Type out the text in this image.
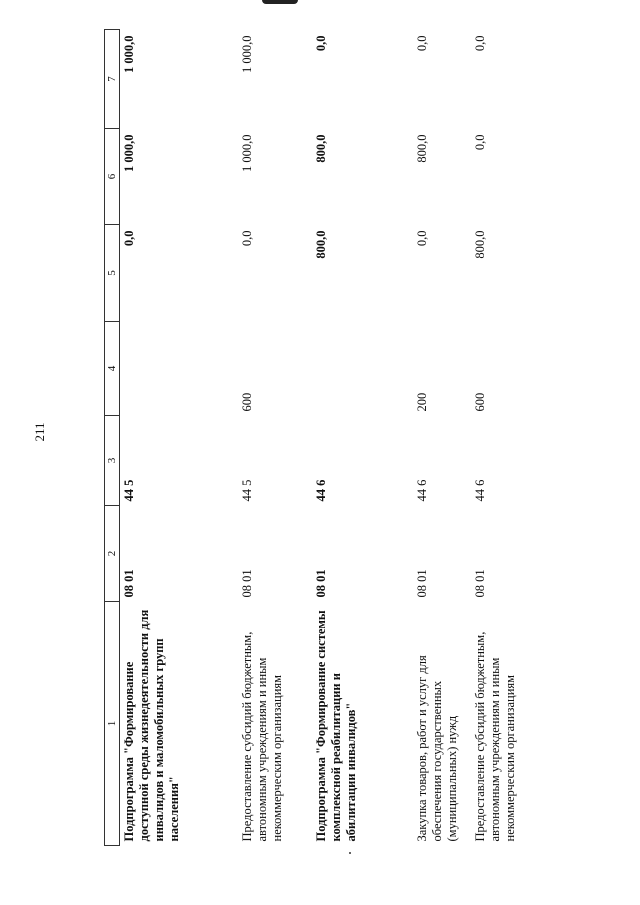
211
1	2	3	4	5	6	7
Подпрограмма "Формирование доступной среды жизнедеятельности для инвалидов и маломобильных групп населения"	08 01	44 5		0,0	1 000,0	1 000,0
Предоставление субсидий бюджетным, автономным учреждениям и иным некоммерческим организациям	08 01	44 5	600	0,0	1 000,0	1 000,0
Подпрограмма "Формирование системы комплексной реабилитации и абилитации инвалидов"	08 01	44 6		800,0	800,0	0,0
Закупка товаров, работ и услуг для обеспечения государственных (муниципальных) нужд	08 01	44 6	200	0,0	800,0	0,0
Предоставление субсидий бюджетным, автономным учреждениям и иным некоммерческим организациям	08 01	44 6	600	800,0	0,0	0,0
